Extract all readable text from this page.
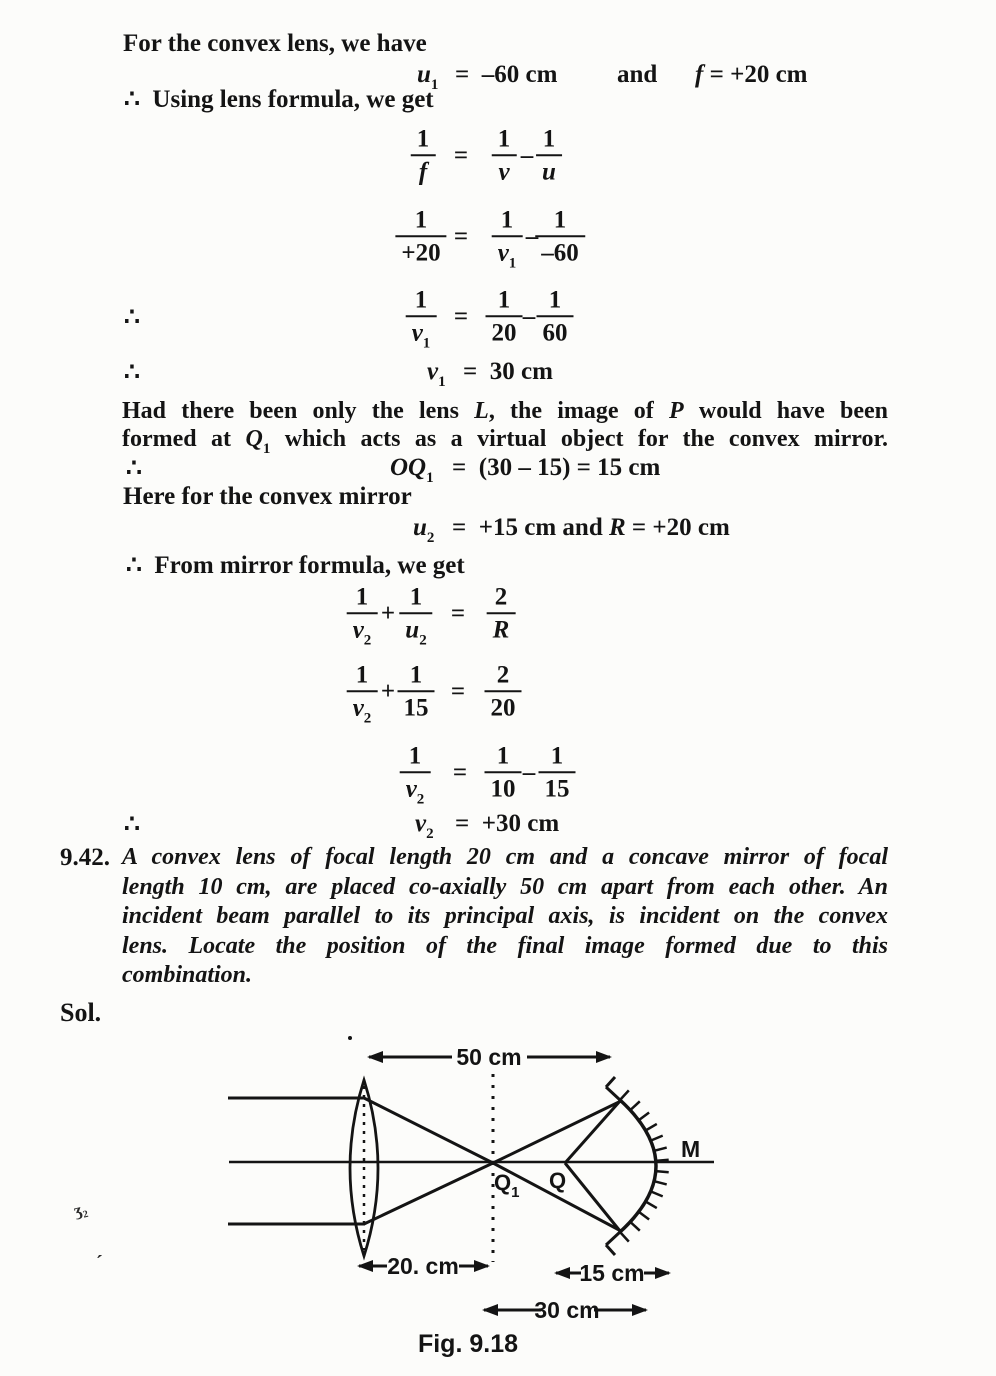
For the convex lens, we have
$u_1 = -60$ cm and f = +20 cm
∴  Using lens formula, we get
$\frac{1}{f} = \frac{1}{v} - \frac{1}{u}$
$\frac{1}{+20} = \frac{1}{v_1}$ –
$\frac{1}{-60}$
∴	$\frac{1}{v_1} = \frac{1}{20} - \frac{1}{60}$
∴	$v_1 = 30$ cm
Had there been only the lens L, the image of P would have been
formed at $Q_1$ which acts as a virtual object for the convex mirror.
∴	$OQ_1 = (30 - 15) = 15$ cm
Here for the convex mirror
$u_2 = +15$ cm and R = +20 cm
∴  From mirror formula, we get
$\frac{1}{v_2} + \frac{1}{u_2} = \frac{2}{R}$
$\frac{1}{v_2} + \frac{1}{15} = \frac{2}{20}$
$\frac{1}{v_2} = \frac{1}{10} - \frac{1}{15}$
∴	$v_2 = +30$ cm
9.42. A convex lens of focal length 20 cm and a concave mirror of focal
length 10 cm, are placed co-axially 50 cm apart from each other. An
incident beam parallel to its principal axis, is incident on the convex
lens. Locate the position of the final image formed due to this
combination.
Sol.
ʒ₂
ˊ
50 cm
$Q_1$ Q
M
20. cm	15 cm
30 cm
Fig. 9.18
